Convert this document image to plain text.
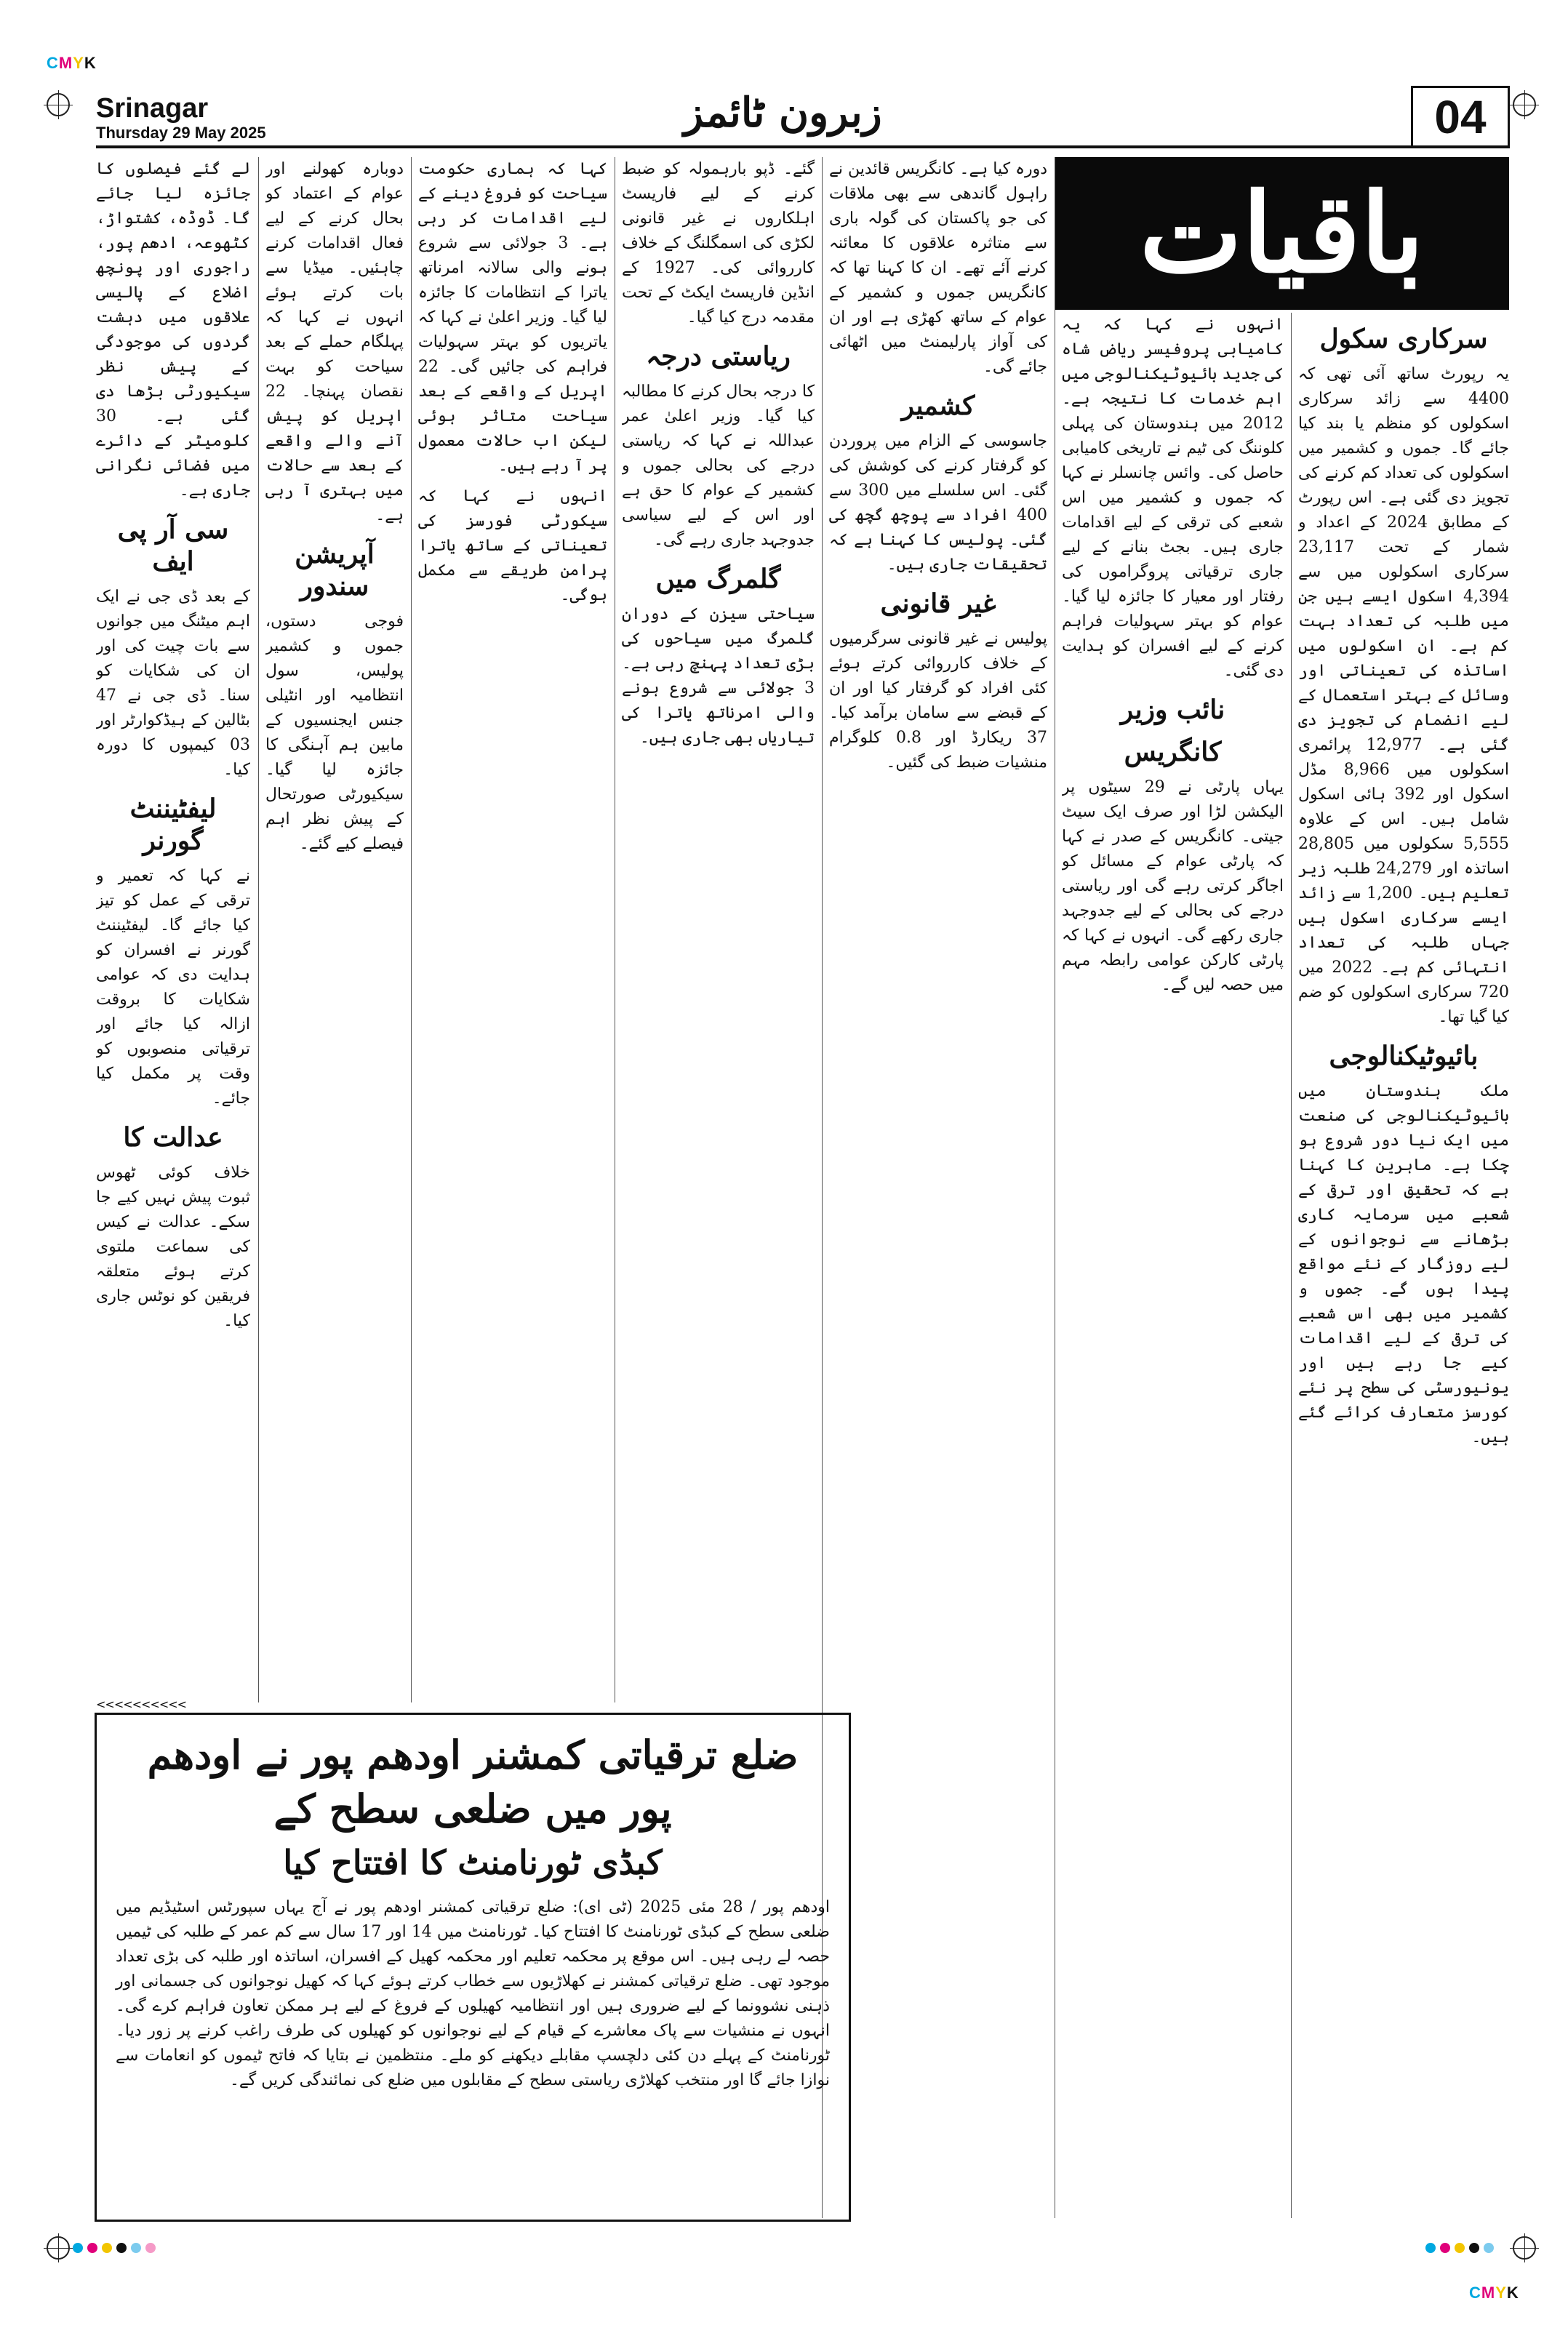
CMYK
CMYK
Srinagar
Thursday 29 May 2025	زبرون ٹائمز	04
باقیات
سرکاری سکول

یہ رپورٹ ساتھ آئی تھی کہ 4400 سے زائد سرکاری اسکولوں کو منظم یا بند کیا جائے گا۔ جموں و کشمیر میں اسکولوں کی تعداد کم کرنے کی تجویز دی گئی ہے۔ اس رپورٹ کے مطابق 2024 کے اعداد و شمار کے تحت 23,117 سرکاری اسکولوں میں سے 4,394 اسکول ایسے ہیں جن میں طلبہ کی تعداد بہت کم ہے۔ ان اسکولوں میں اساتذہ کی تعیناتی اور وسائل کے بہتر استعمال کے لیے انضمام کی تجویز دی گئی ہے۔ 12,977 پرائمری اسکولوں میں 8,966 مڈل اسکول اور 392 ہائی اسکول شامل ہیں۔ اس کے علاوہ 5,555 سکولوں میں 28,805 اساتذہ اور 24,279 طلبہ زیر تعلیم ہیں۔ 1,200 سے زائد ایسے سرکاری اسکول ہیں جہاں طلبہ کی تعداد انتہائی کم ہے۔ 2022 میں 720 سرکاری اسکولوں کو ضم کیا گیا تھا۔

بائیوٹیکنالوجی

ملک ہندوستان میں بائیوٹیکنالوجی کی صنعت میں ایک نیا دور شروع ہو چکا ہے۔ ماہرین کا کہنا ہے کہ تحقیق اور ترقی کے شعبے میں سرمایہ کاری بڑھانے سے نوجوانوں کے لیے روزگار کے نئے مواقع پیدا ہوں گے۔ جموں و کشمیر میں بھی اس شعبے کی ترقی کے لیے اقدامات کیے جا رہے ہیں اور یونیورسٹی کی سطح پر نئے کورسز متعارف کرائے گئے ہیں۔

انہوں نے کہا کہ یہ کامیابی پروفیسر ریاض شاہ کی جدید بائیوٹیکنالوجی میں اہم خدمات کا نتیجہ ہے۔ 2012 میں ہندوستان کی پہلی کلوننگ کی ٹیم نے تاریخی کامیابی حاصل کی۔ وائس چانسلر نے کہا کہ جموں و کشمیر میں اس شعبے کی ترقی کے لیے اقدامات جاری ہیں۔ بجٹ بنانے کے لیے جاری ترقیاتی پروگراموں کی رفتار اور معیار کا جائزہ لیا گیا۔ عوام کو بہتر سہولیات فراہم کرنے کے لیے افسران کو ہدایت دی گئی۔

نائب وزیر
کانگریس

یہاں پارٹی نے 29 سیٹوں پر الیکشن لڑا اور صرف ایک سیٹ جیتی۔ کانگریس کے صدر نے کہا کہ پارٹی عوام کے مسائل کو اجاگر کرتی رہے گی اور ریاستی درجے کی بحالی کے لیے جدوجہد جاری رکھے گی۔ انہوں نے کہا کہ پارٹی کارکن عوامی رابطہ مہم میں حصہ لیں گے۔

دورہ کیا ہے۔ کانگریس قائدین نے راہول گاندھی سے بھی ملاقات کی جو پاکستان کی گولہ باری سے متاثرہ علاقوں کا معائنہ کرنے آئے تھے۔ ان کا کہنا تھا کہ کانگریس جموں و کشمیر کے عوام کے ساتھ کھڑی ہے اور ان کی آواز پارلیمنٹ میں اٹھائی جائے گی۔

کشمیر

جاسوسی کے الزام میں پروردن کو گرفتار کرنے کی کوشش کی گئی۔ اس سلسلے میں 300 سے 400 افراد سے پوچھ گچھ کی گئی۔ پولیس کا کہنا ہے کہ تحقیقات جاری ہیں۔

غیر قانونی

پولیس نے غیر قانونی سرگرمیوں کے خلاف کارروائی کرتے ہوئے کئی افراد کو گرفتار کیا اور ان کے قبضے سے سامان برآمد کیا۔ 37 ریکارڈ اور 0.8 کلوگرام منشیات ضبط کی گئیں۔

گئے۔ ڈپو بارہمولہ کو ضبط کرنے کے لیے فاریسٹ اہلکاروں نے غیر قانونی لکڑی کی اسمگلنگ کے خلاف کارروائی کی۔ 1927 کے انڈین فاریسٹ ایکٹ کے تحت مقدمہ درج کیا گیا۔

ریاستی درجہ

کا درجہ بحال کرنے کا مطالبہ کیا گیا۔ وزیر اعلیٰ عمر عبداللہ نے کہا کہ ریاستی درجے کی بحالی جموں و کشمیر کے عوام کا حق ہے اور اس کے لیے سیاسی جدوجہد جاری رہے گی۔

گلمرگ میں

سیاحتی سیزن کے دوران گلمرگ میں سیاحوں کی بڑی تعداد پہنچ رہی ہے۔ 3 جولائی سے شروع ہونے والی امرناتھ یاترا کی تیاریاں بھی جاری ہیں۔

کہا کہ ہماری حکومت سیاحت کو فروغ دینے کے لیے اقدامات کر رہی ہے۔ 3 جولائی سے شروع ہونے والی سالانہ امرناتھ یاترا کے انتظامات کا جائزہ لیا گیا۔ وزیر اعلیٰ نے کہا کہ یاتریوں کو بہتر سہولیات فراہم کی جائیں گی۔ 22 اپریل کے واقعے کے بعد سیاحت متاثر ہوئی لیکن اب حالات معمول پر آ رہے ہیں۔

انہوں نے کہا کہ سیکورٹی فورسز کی تعیناتی کے ساتھ یاترا پرامن طریقے سے مکمل ہوگی۔

دوبارہ کھولنے اور عوام کے اعتماد کو بحال کرنے کے لیے فعال اقدامات کرنے چاہئیں۔ میڈیا سے بات کرتے ہوئے انہوں نے کہا کہ پہلگام حملے کے بعد سیاحت کو بہت نقصان پہنچا۔ 22 اپریل کو پیش آنے والے واقعے کے بعد سے حالات میں بہتری آ رہی ہے۔

آپریشن سندور

فوجی دستوں، جموں و کشمیر پولیس، سول انتظامیہ اور انٹیلی جنس ایجنسیوں کے مابین ہم آہنگی کا جائزہ لیا گیا۔ سیکیورٹی صورتحال کے پیش نظر اہم فیصلے کیے گئے۔

لے گئے فیصلوں کا جائزہ لیا جائے گا۔ ڈوڈہ، کشتواڑ، کٹھوعہ، ادھم پور، راجوری اور پونچھ اضلاع کے پالیسی علاقوں میں دہشت گردوں کی موجودگی کے پیش نظر سیکیورٹی بڑھا دی گئی ہے۔ 30 کلومیٹر کے دائرے میں فضائی نگرانی جاری ہے۔

سی آر پی ایف

کے بعد ڈی جی نے ایک اہم میٹنگ میں جوانوں سے بات چیت کی اور ان کی شکایات کو سنا۔ ڈی جی نے 47 بٹالین کے ہیڈکوارٹر اور 03 کیمپوں کا دورہ کیا۔

لیفٹیننٹ گورنر

نے کہا کہ تعمیر و ترقی کے عمل کو تیز کیا جائے گا۔ لیفٹیننٹ گورنر نے افسران کو ہدایت دی کہ عوامی شکایات کا بروقت ازالہ کیا جائے اور ترقیاتی منصوبوں کو وقت پر مکمل کیا جائے۔

عدالت کا

خلاف کوئی ٹھوس ثبوت پیش نہیں کیے جا سکے۔ عدالت نے کیس کی سماعت ملتوی کرتے ہوئے متعلقہ فریقین کو نوٹس جاری کیا۔

<<<<<<<<<<
ضلع ترقیاتی کمشنر اودھم پور نے اودھم پور میں ضلعی سطح کے
کبڈی ٹورنامنٹ کا افتتاح کیا

اودھم پور / 28 مئی 2025 (ٹی ای): ضلع ترقیاتی کمشنر اودھم پور نے آج یہاں سپورٹس اسٹیڈیم میں ضلعی سطح کے کبڈی ٹورنامنٹ کا افتتاح کیا۔ ٹورنامنٹ میں 14 اور 17 سال سے کم عمر کے طلبہ کی ٹیمیں حصہ لے رہی ہیں۔ اس موقع پر محکمہ تعلیم اور محکمہ کھیل کے افسران، اساتذہ اور طلبہ کی بڑی تعداد موجود تھی۔ ضلع ترقیاتی کمشنر نے کھلاڑیوں سے خطاب کرتے ہوئے کہا کہ کھیل نوجوانوں کی جسمانی اور ذہنی نشوونما کے لیے ضروری ہیں اور انتظامیہ کھیلوں کے فروغ کے لیے ہر ممکن تعاون فراہم کرے گی۔ انہوں نے منشیات سے پاک معاشرے کے قیام کے لیے نوجوانوں کو کھیلوں کی طرف راغب کرنے پر زور دیا۔ ٹورنامنٹ کے پہلے دن کئی دلچسپ مقابلے دیکھنے کو ملے۔ منتظمین نے بتایا کہ فاتح ٹیموں کو انعامات سے نوازا جائے گا اور منتخب کھلاڑی ریاستی سطح کے مقابلوں میں ضلع کی نمائندگی کریں گے۔
